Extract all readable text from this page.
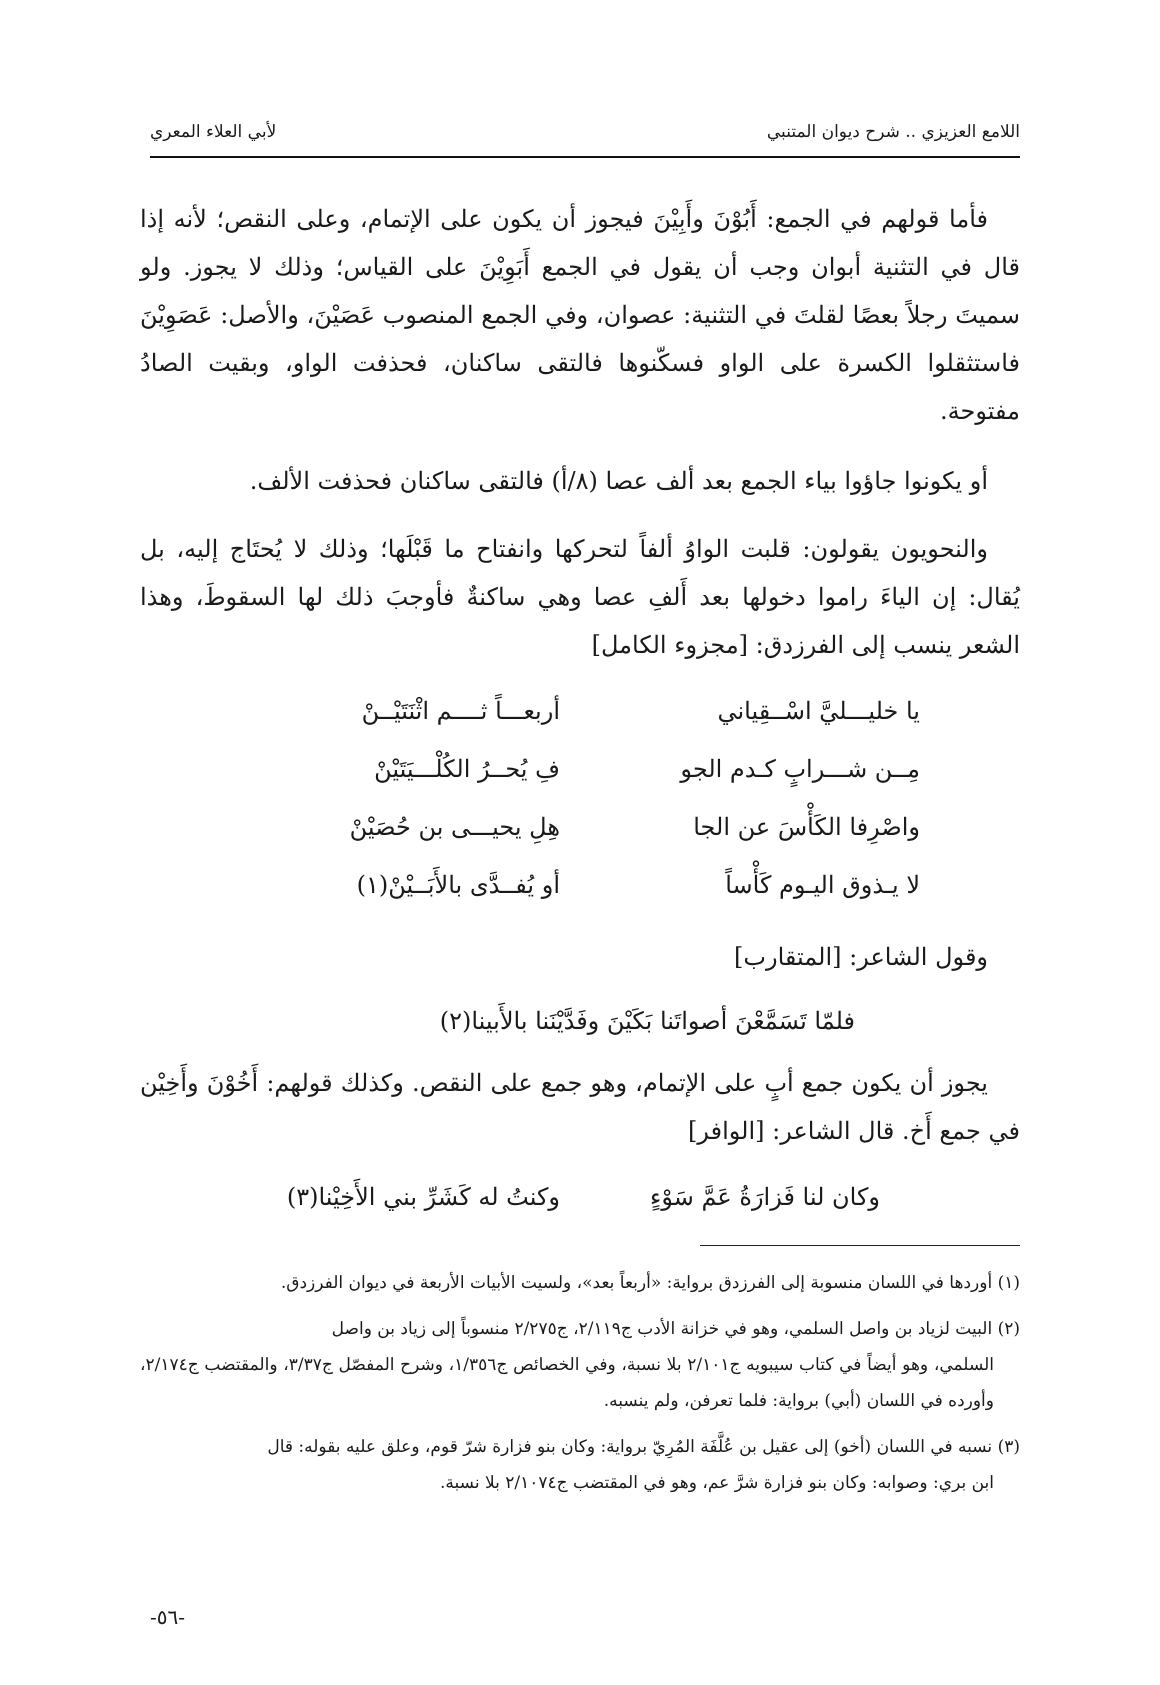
اللامع العزيزي .. شرح ديوان المتنبي
لأبي العلاء المعري

فأما قولهم في الجمع: أَبُوْنَ وأَبِيْنَ فيجوز أن يكون على الإتمام، وعلى النقص؛ لأنه إذا قال في التثنية أبوان وجب أن يقول في الجمع أَبَوِيْنَ على القياس؛ وذلك لا يجوز. ولو سميتَ رجلاً بعصًا لقلتَ في التثنية: عصوان، وفي الجمع المنصوب عَصَيْنَ، والأصل: عَصَوِيْنَ فاستثقلوا الكسرة على الواو فسكّنوها فالتقى ساكنان، فحذفت الواو، وبقيت الصادُ مفتوحة.

أو يكونوا جاؤوا بياء الجمع بعد ألف عصا (٨/أ) فالتقى ساكنان فحذفت الألف.

والنحويون يقولون: قلبت الواوُ ألفاً لتحركها وانفتاح ما قَبْلَها؛ وذلك لا يُحتَاج إليه، بل يُقال: إن الياءَ راموا دخولها بعد أَلفِ عصا وهي ساكنةٌ فأوجبَ ذلك لها السقوطَ، وهذا الشعر ينسب إلى الفرزدق: [مجزوء الكامل]

يا خليـــليَّ اسْــقِياني
أربعـــاً ثــــم اثْنَتَيْــنْ
مِــن شـــرابٍ كـدم الجو
فِ يُحــرُ الكُلْـــيَتَيْنْ
واصْرِفا الكَأْسَ عن الجا
هِلِ يحيـــى بن حُصَيْنْ
لا يـذوق اليـوم كَأْساً
أو يُفــدَّى بالأَبَــيْنْ(١)

وقول الشاعر: [المتقارب]

فلمّا تَسَمَّعْنَ أصواتَنا بَكَيْنَ وفَدَّيْنَنا بالأَبينا(٢)

يجوز أن يكون جمع أبٍ على الإتمام، وهو جمع على النقص. وكذلك قولهم: أَخُوْنَ وأَخِيْن في جمع أَخ. قال الشاعر: [الوافر]

وكان لنا فَزارَةُ عَمَّ سَوْءٍ
وكنتُ له كَشَرِّ بني الأَخِيْنا(٣)
(١) أوردها في اللسان منسوبة إلى الفرزدق برواية: «أربعاً بعد»، ولسيت الأبيات الأربعة في ديوان الفرزدق.
(٢) البيت لزياد بن واصل السلمي، وهو في خزانة الأدب ج٢/١١٩، ج٢/٢٧٥ منسوباً إلى زياد بن واصل
السلمي، وهو أيضاً في كتاب سيبويه ج٢/١٠١ بلا نسبة، وفي الخصائص ج١/٣٥٦، وشرح المفصّل ج٣/٣٧، والمقتضب ج٢/١٧٤، وأورده في اللسان (أبي) برواية: فلما تعرفن، ولم ينسبه.
(٣) نسبه في اللسان (أخو) إلى عقيل بن عُلَّفَة المُرِيّ برواية: وكان بنو فزارة شرّ قوم، وعلق عليه بقوله: قال
ابن بري: وصوابه: وكان بنو فزارة شرَّ عم، وهو في المقتضب ج٢/١٠٧٤ بلا نسبة.
-٥٦-
